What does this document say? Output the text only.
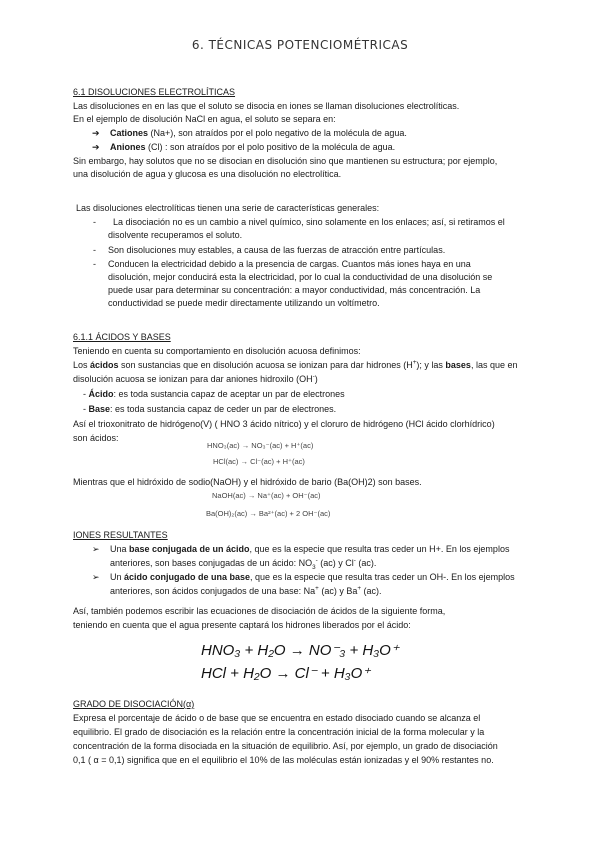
6. TÉCNICAS POTENCIOMÉTRICAS
6.1 DISOLUCIONES ELECTROLÍTICAS
Las disoluciones en en las que el soluto se disocia en iones se llaman disoluciones electrolíticas.
En el ejemplo de disolución NaCl en agua, el soluto se separa en:
➔ Cationes (Na+), son atraídos por el polo negativo de la molécula de agua.
➔ Aniones (Cl) : son atraídos por el polo positivo de la molécula de agua.
Sin embargo, hay solutos que no se disocian en disolución sino que mantienen su estructura; por ejemplo,
una disolución de agua y glucosa es una disolución no electrolítica.
Las disoluciones electrolíticas tienen una serie de características generales:
- La disociación no es un cambio a nivel químico, sino solamente en los enlaces; así, si retiramos el
disolvente recuperamos el soluto.
- Son disoluciones muy estables, a causa de las fuerzas de atracción entre partículas.
- Conducen la electricidad debido a la presencia de cargas. Cuantos más iones haya en una
disolución, mejor conducirá esta la electricidad, por lo cual la conductividad de una disolución se
puede usar para determinar su concentración: a mayor conductividad, más concentración. La
conductividad se puede medir directamente utilizando un voltímetro.
6.1.1 ÁCIDOS Y BASES
Teniendo en cuenta su comportamiento en disolución acuosa definimos:
Los ácidos son sustancias que en disolución acuosa se ionizan para dar hidrones (H+); y las bases, las que en
disolución acuosa se ionizan para dar aniones hidroxilo (OH-)
- Ácido: es toda sustancia capaz de aceptar un par de electrones
- Base: es toda sustancia capaz de ceder un par de electrones.
Así el trioxonitrato de hidrógeno(V) ( HNO 3 ácido nítrico) y el cloruro de hidrógeno (HCl ácido clorhídrico)
son ácidos:
HNO₃(ac) → NO₃⁻(ac) + H⁺(ac)
HCl(ac) → Cl⁻(ac) + H⁺(ac)
Mientras que el hidróxido de sodio(NaOH) y el hidróxido de bario (Ba(OH)2) son bases.
NaOH(ac) → Na⁺(ac) + OH⁻(ac)
Ba(OH)₂(ac) → Ba²⁺(ac) + 2 OH⁻(ac)
IONES RESULTANTES
➢ Una base conjugada de un ácido, que es la especie que resulta tras ceder un H+. En los ejemplos
anteriores, son bases conjugadas de un ácido: $NO_3^-$ (ac) y Cl- (ac).
➢ Un ácido conjugado de una base, que es la especie que resulta tras ceder un OH-. En los ejemplos
anteriores, son ácidos conjugados de una base: Na+ (ac) y Ba+ (ac).
Así, también podemos escribir las ecuaciones de disociación de ácidos de la siguiente forma,
teniendo en cuenta que el agua presente captará los hidrones liberados por el ácido:
HNO₃ + H₂O → NO⁻₃ + H₃O⁺
HCl + H₂O → Cl⁻ + H₃O⁺
GRADO DE DISOCIACIÓN(α)
Expresa el porcentaje de ácido o de base que se encuentra en estado disociado cuando se alcanza el
equilibrio. El grado de disociación es la relación entre la concentración inicial de la forma molecular y la
concentración de la forma disociada en la situación de equilibrio. Así, por ejemplo, un grado de disociación
0,1 ( α = 0,1) significa que en el equilibrio el 10% de las moléculas están ionizadas y el 90% restantes no.
